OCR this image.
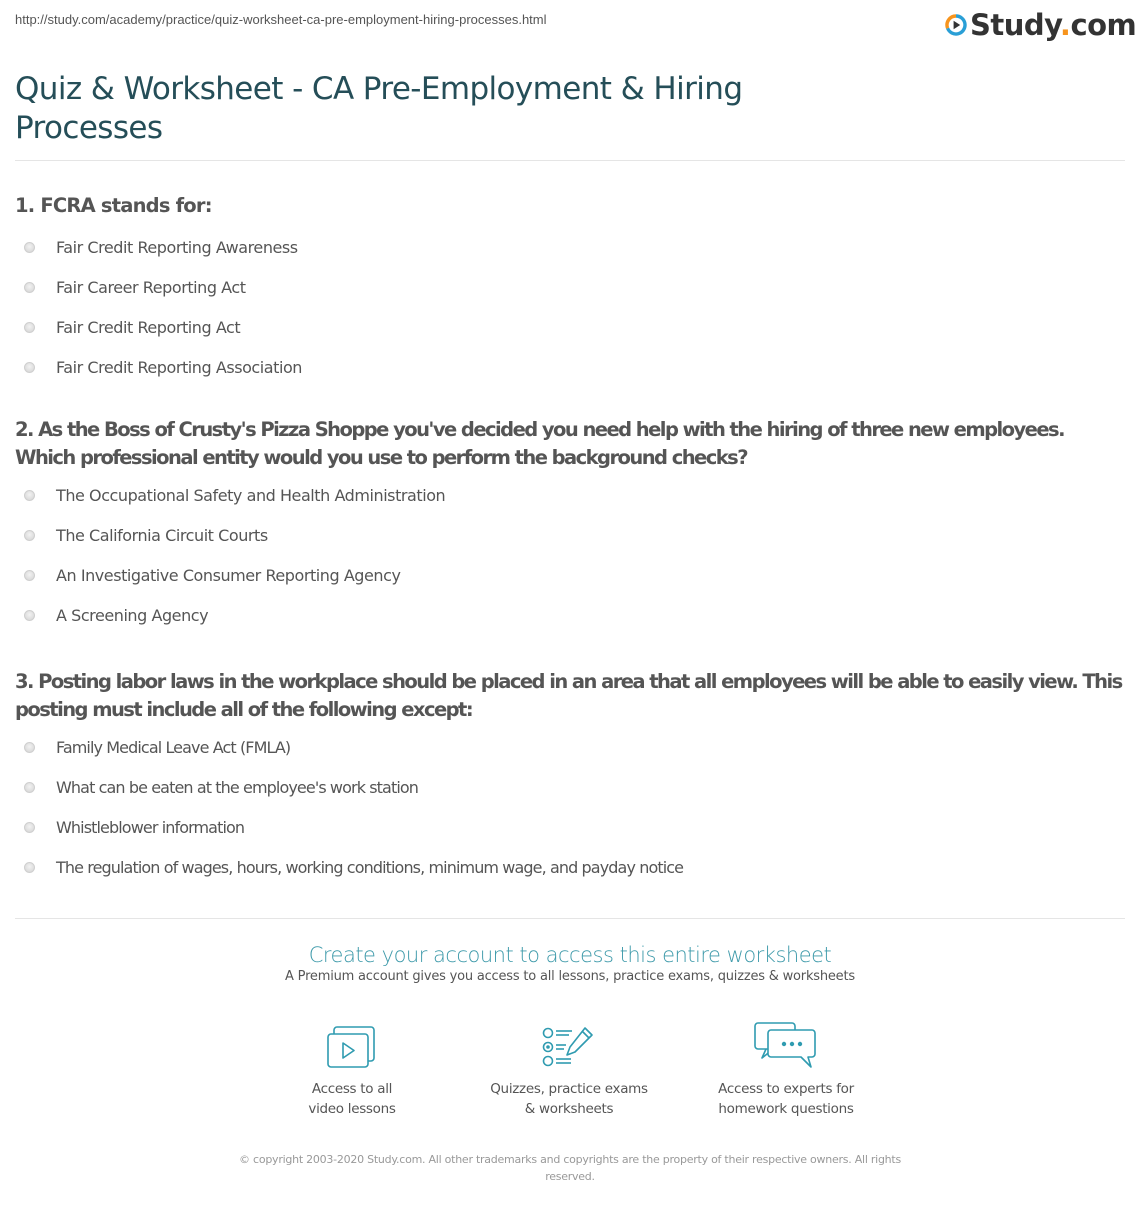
http://study.com/academy/practice/quiz-worksheet-ca-pre-employment-hiring-processes.html	Study.com
Quiz & Worksheet - CA Pre-Employment & Hiring Processes
1. FCRA stands for:
Fair Credit Reporting Awareness
Fair Career Reporting Act
Fair Credit Reporting Act
Fair Credit Reporting Association
2. As the Boss of Crusty's Pizza Shoppe you've decided you need help with the hiring of three new employees. Which professional entity would you use to perform the background checks?
The Occupational Safety and Health Administration
The California Circuit Courts
An Investigative Consumer Reporting Agency
A Screening Agency
3. Posting labor laws in the workplace should be placed in an area that all employees will be able to easily view. This posting must include all of the following except:
Family Medical Leave Act (FMLA)
What can be eaten at the employee's work station
Whistleblower information
The regulation of wages, hours, working conditions, minimum wage, and payday notice
Create your account to access this entire worksheet
A Premium account gives you access to all lessons, practice exams, quizzes & worksheets
Access to all
video lessons
Quizzes, practice exams
& worksheets
Access to experts for
homework questions
© copyright 2003-2020 Study.com. All other trademarks and copyrights are the property of their respective owners. All rights reserved.
